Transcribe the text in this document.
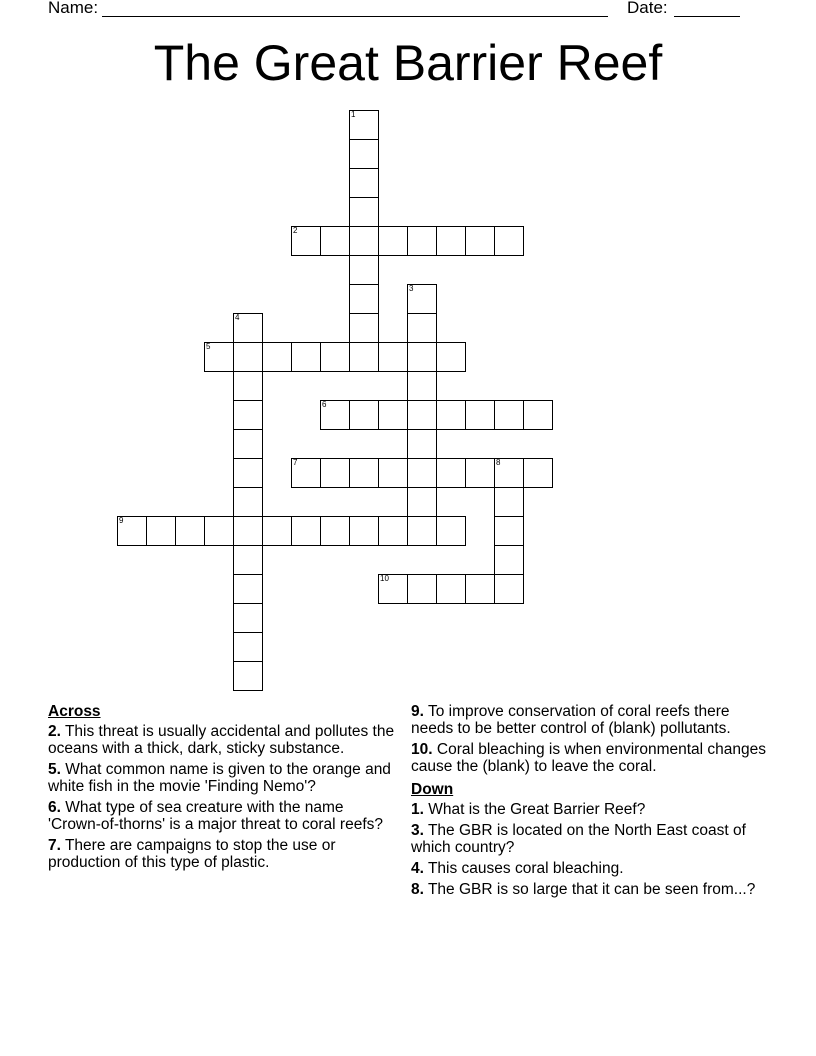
Name:	Date:
The Great Barrier Reef
1
2
3
4
5
6
7	8
9
10
Across
2. This threat is usually accidental and pollutes the oceans with a thick, dark, sticky substance.
5. What common name is given to the orange and white fish in the movie 'Finding Nemo'?
6. What type of sea creature with the name 'Crown-of-thorns' is a major threat to coral reefs?
7. There are campaigns to stop the use or production of this type of plastic.
9. To improve conservation of coral reefs there needs to be better control of (blank) pollutants.
10. Coral bleaching is when environmental changes cause the (blank) to leave the coral.
Down
1. What is the Great Barrier Reef?
3. The GBR is located on the North East coast of which country?
4. This causes coral bleaching.
8. The GBR is so large that it can be seen from...?
